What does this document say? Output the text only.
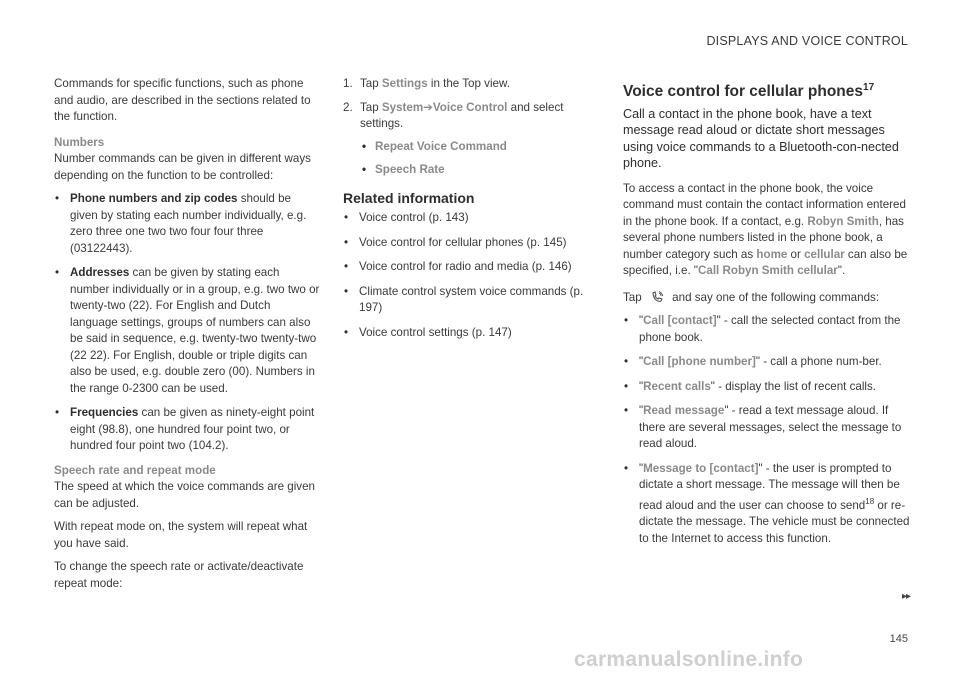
DISPLAYS AND VOICE CONTROL

Commands for specific functions, such as phone and audio, are described in the sections related to the function.

Numbers

Number commands can be given in different ways depending on the function to be controlled:

• Phone numbers and zip codes should be given by stating each number individually, e.g. zero three one two two four four three (03122443).
• Addresses can be given by stating each number individually or in a group, e.g. two two or twenty-two (22). For English and Dutch language settings, groups of numbers can also be said in sequence, e.g. twenty-two twenty-two (22 22). For English, double or triple digits can also be used, e.g. double zero (00). Numbers in the range 0-2300 can be used.
• Frequencies can be given as ninety-eight point eight (98.8), one hundred four point two, or hundred four point two (104.2).
Speech rate and repeat mode

The speed at which the voice commands are given can be adjusted.

With repeat mode on, the system will repeat what you have said.

To change the speech rate or activate/deactivate repeat mode:

1. Tap Settings in the Top view.
2. Tap System➔Voice Control and select settings.
• Repeat Voice Command
• Speech Rate
Related information
• Voice control (p. 143)
• Voice control for cellular phones (p. 145)
• Voice control for radio and media (p. 146)
• Climate control system voice commands (p. 197)
• Voice control settings (p. 147)
Voice control for cellular phones$^{17}$

Call a contact in the phone book, have a text message read aloud or dictate short messages using voice commands to a Bluetooth-con-nected phone.

To access a contact in the phone book, the voice command must contain the contact information entered in the phone book. If a contact, e.g. Robyn Smith, has several phone numbers listed in the phone book, a number category such as home or cellular can also be specified, i.e. "Call Robyn Smith cellular".

Tap	and say one of the following commands:

• "Call [contact]" - call the selected contact from the phone book.
• "Call [phone number]" - call a phone num-ber.
• "Recent calls" - display the list of recent calls.
• "Read message" - read a text message aloud. If there are several messages, select the message to read aloud.
• "Message to [contact]" - the user is prompted to dictate a short message. The message will then be read aloud and the user can choose to send$^{18}$ or re-dictate the message. The vehicle must be connected to the Internet to access this function.
▸▸
145
carmanualsonline.info
